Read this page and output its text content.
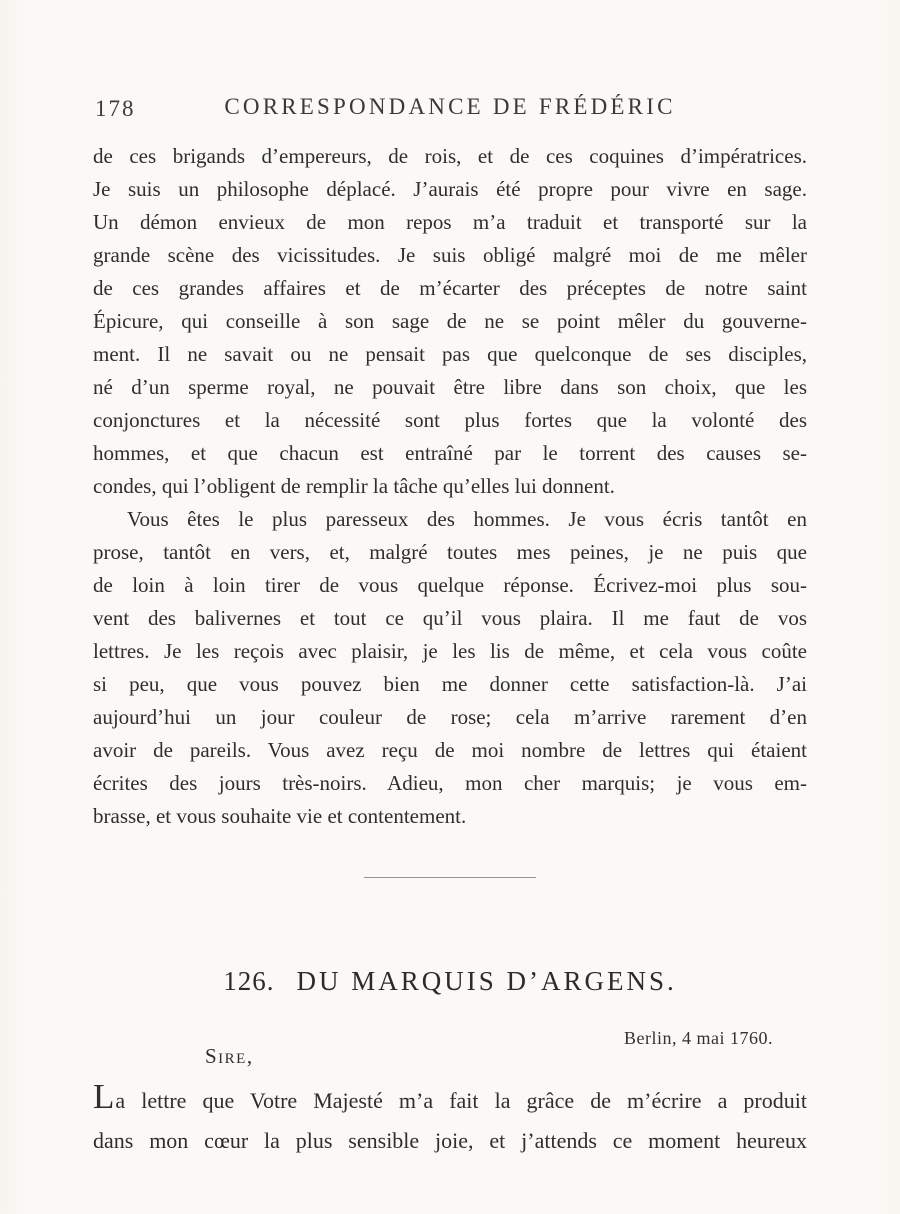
178	CORRESPONDANCE DE FRÉDÉRIC
de ces brigands d’empereurs, de rois, et de ces coquines d’impératrices.
Je suis un philosophe déplacé. J’aurais été propre pour vivre en sage.
Un démon envieux de mon repos m’a traduit et transporté sur la
grande scène des vicissitudes. Je suis obligé malgré moi de me mêler
de ces grandes affaires et de m’écarter des préceptes de notre saint
Épicure, qui conseille à son sage de ne se point mêler du gouverne-
ment. Il ne savait ou ne pensait pas que quelconque de ses disciples,
né d’un sperme royal, ne pouvait être libre dans son choix, que les
conjonctures et la nécessité sont plus fortes que la volonté des
hommes, et que chacun est entraîné par le torrent des causes se-
condes, qui l’obligent de remplir la tâche qu’elles lui donnent.
Vous êtes le plus paresseux des hommes. Je vous écris tantôt en
prose, tantôt en vers, et, malgré toutes mes peines, je ne puis que
de loin à loin tirer de vous quelque réponse. Écrivez-moi plus sou-
vent des balivernes et tout ce qu’il vous plaira. Il me faut de vos
lettres. Je les reçois avec plaisir, je les lis de même, et cela vous coûte
si peu, que vous pouvez bien me donner cette satisfaction-là. J’ai
aujourd’hui un jour couleur de rose; cela m’arrive rarement d’en
avoir de pareils. Vous avez reçu de moi nombre de lettres qui étaient
écrites des jours très-noirs. Adieu, mon cher marquis; je vous em-
brasse, et vous souhaite vie et contentement.
126. DU MARQUIS D’ARGENS.
Berlin, 4 mai 1760.
Sire,
La lettre que Votre Majesté m’a fait la grâce de m’écrire a produit
dans mon cœur la plus sensible joie, et j’attends ce moment heureux
